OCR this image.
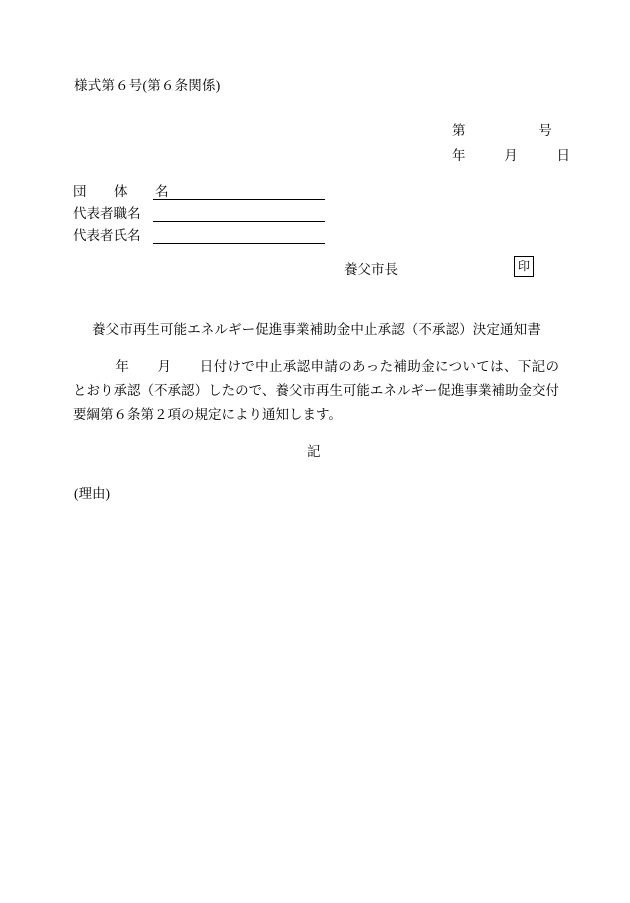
様式第６号(第６条関係)
第	号
年	月	日
団　体　名
代表者職名
代表者氏名
養父市長	印
養父市再生可能エネルギー促進事業補助金中止承認（不承認）決定通知書
年 月 日付けで中止承認申請のあった補助金については、下記のとおり承認（不承認）したので、養父市再生可能エネルギー促進事業補助金交付要綱第６条第２項の規定により通知します。
記
(理由)
